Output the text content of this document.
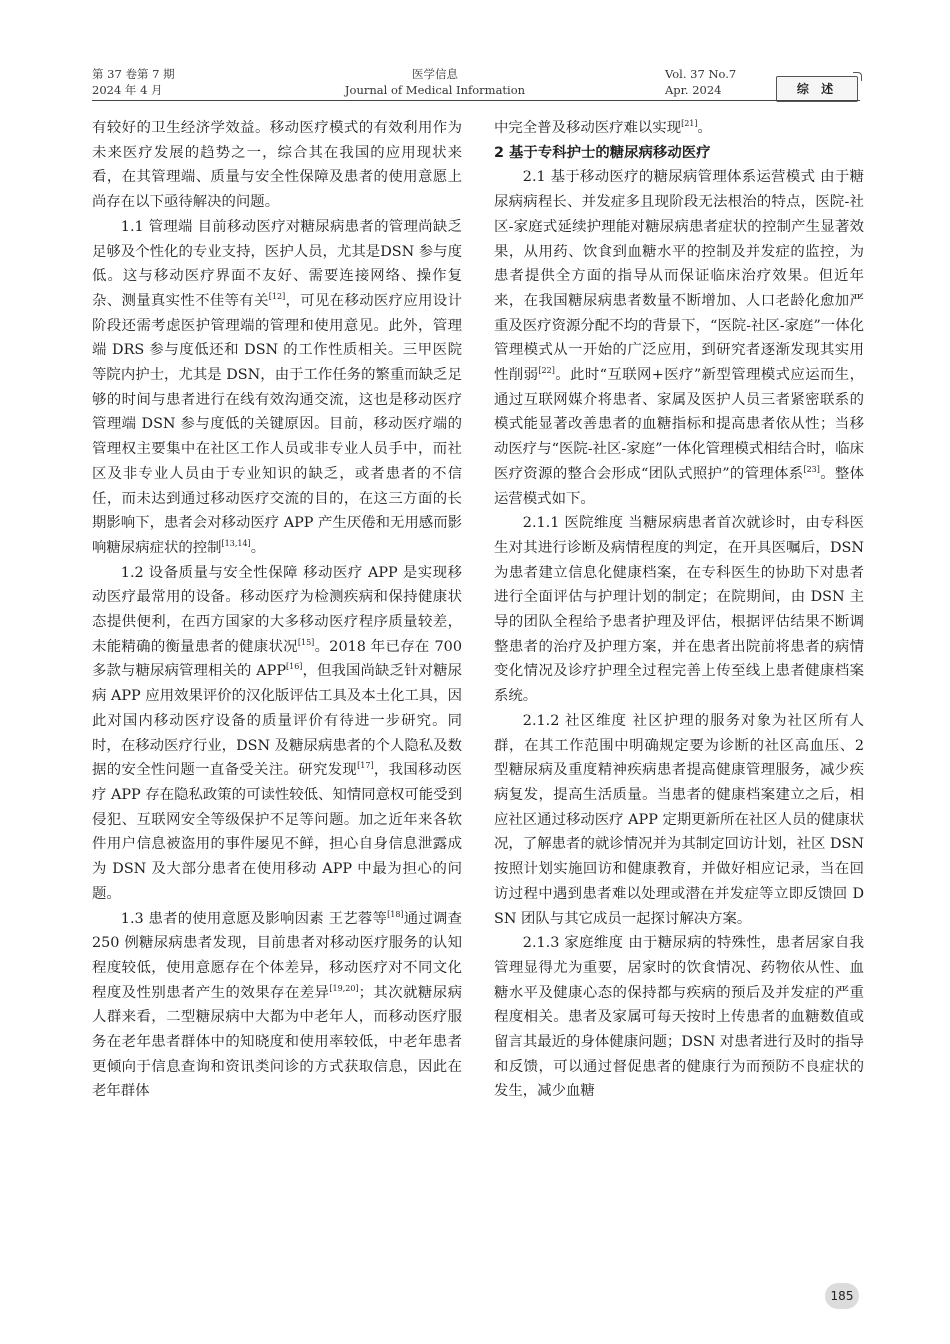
第 37 卷第 7 期
2024 年 4 月
医学信息
Journal of Medical Information
Vol. 37 No.7
Apr. 2024	综 述

有较好的卫生经济学效益。移动医疗模式的有效利用作为未来医疗发展的趋势之一，综合其在我国的应用现状来看，在其管理端、质量与安全性保障及患者的使用意愿上尚存在以下亟待解决的问题。

1.1 管理端 目前移动医疗对糖尿病患者的管理尚缺乏足够及个性化的专业支持，医护人员，尤其是DSN 参与度低。这与移动医疗界面不友好、需要连接网络、操作复杂、测量真实性不佳等有关[12]，可见在移动医疗应用设计阶段还需考虑医护管理端的管理和使用意见。此外，管理端 DRS 参与度低还和 DSN 的工作性质相关。三甲医院等院内护士，尤其是 DSN，由于工作任务的繁重而缺乏足够的时间与患者进行在线有效沟通交流，这也是移动医疗管理端 DSN 参与度低的关键原因。目前，移动医疗端的管理权主要集中在社区工作人员或非专业人员手中，而社区及非专业人员由于专业知识的缺乏，或者患者的不信任，而未达到通过移动医疗交流的目的，在这三方面的长期影响下，患者会对移动医疗 APP 产生厌倦和无用感而影响糖尿病症状的控制[13,14]。

1.2 设备质量与安全性保障 移动医疗 APP 是实现移动医疗最常用的设备。移动医疗为检测疾病和保持健康状态提供便利，在西方国家的大多移动医疗程序质量较差，未能精确的衡量患者的健康状况[15]。2018 年已存在 700 多款与糖尿病管理相关的 APP[16]，但我国尚缺乏针对糖尿病 APP 应用效果评价的汉化版评估工具及本土化工具，因此对国内移动医疗设备的质量评价有待进一步研究。同时，在移动医疗行业，DSN 及糖尿病患者的个人隐私及数据的安全性问题一直备受关注。研究发现[17]，我国移动医疗 APP 存在隐私政策的可读性较低、知情同意权可能受到侵犯、互联网安全等级保护不足等问题。加之近年来各软件用户信息被盗用的事件屡见不鲜，担心自身信息泄露成为 DSN 及大部分患者在使用移动 APP 中最为担心的问题。

1.3 患者的使用意愿及影响因素 王艺蓉等[18]通过调查 250 例糖尿病患者发现，目前患者对移动医疗服务的认知程度较低，使用意愿存在个体差异，移动医疗对不同文化程度及性别患者产生的效果存在差异[19,20]；其次就糖尿病人群来看，二型糖尿病中大都为中老年人，而移动医疗服务在老年患者群体中的知晓度和使用率较低，中老年患者更倾向于信息查询和资讯类问诊的方式获取信息，因此在老年群体

中完全普及移动医疗难以实现[21]。

2 基于专科护士的糖尿病移动医疗

2.1 基于移动医疗的糖尿病管理体系运营模式 由于糖尿病病程长、并发症多且现阶段无法根治的特点，医院-社区-家庭式延续护理能对糖尿病患者症状的控制产生显著效果，从用药、饮食到血糖水平的控制及并发症的监控，为患者提供全方面的指导从而保证临床治疗效果。但近年来，在我国糖尿病患者数量不断增加、人口老龄化愈加严重及医疗资源分配不均的背景下，“医院-社区-家庭”一体化管理模式从一开始的广泛应用，到研究者逐渐发现其实用性削弱[22]。此时“互联网+医疗”新型管理模式应运而生，通过互联网媒介将患者、家属及医护人员三者紧密联系的模式能显著改善患者的血糖指标和提高患者依从性；当移动医疗与“医院-社区-家庭”一体化管理模式相结合时，临床医疗资源的整合会形成“团队式照护”的管理体系[23]。整体运营模式如下。

2.1.1 医院维度 当糖尿病患者首次就诊时，由专科医生对其进行诊断及病情程度的判定，在开具医嘱后，DSN 为患者建立信息化健康档案，在专科医生的协助下对患者进行全面评估与护理计划的制定；在院期间，由 DSN 主导的团队全程给予患者护理及评估，根据评估结果不断调整患者的治疗及护理方案，并在患者出院前将患者的病情变化情况及诊疗护理全过程完善上传至线上患者健康档案系统。

2.1.2 社区维度 社区护理的服务对象为社区所有人群，在其工作范围中明确规定要为诊断的社区高血压、2 型糖尿病及重度精神疾病患者提高健康管理服务，减少疾病复发，提高生活质量。当患者的健康档案建立之后，相应社区通过移动医疗 APP 定期更新所在社区人员的健康状况，了解患者的就诊情况并为其制定回访计划，社区 DSN 按照计划实施回访和健康教育，并做好相应记录，当在回访过程中遇到患者难以处理或潜在并发症等立即反馈回 DSN 团队与其它成员一起探讨解决方案。

2.1.3 家庭维度 由于糖尿病的特殊性，患者居家自我管理显得尤为重要，居家时的饮食情况、药物依从性、血糖水平及健康心态的保持都与疾病的预后及并发症的严重程度相关。患者及家属可每天按时上传患者的血糖数值或留言其最近的身体健康问题；DSN 对患者进行及时的指导和反馈，可以通过督促患者的健康行为而预防不良症状的发生，减少血糖

185
